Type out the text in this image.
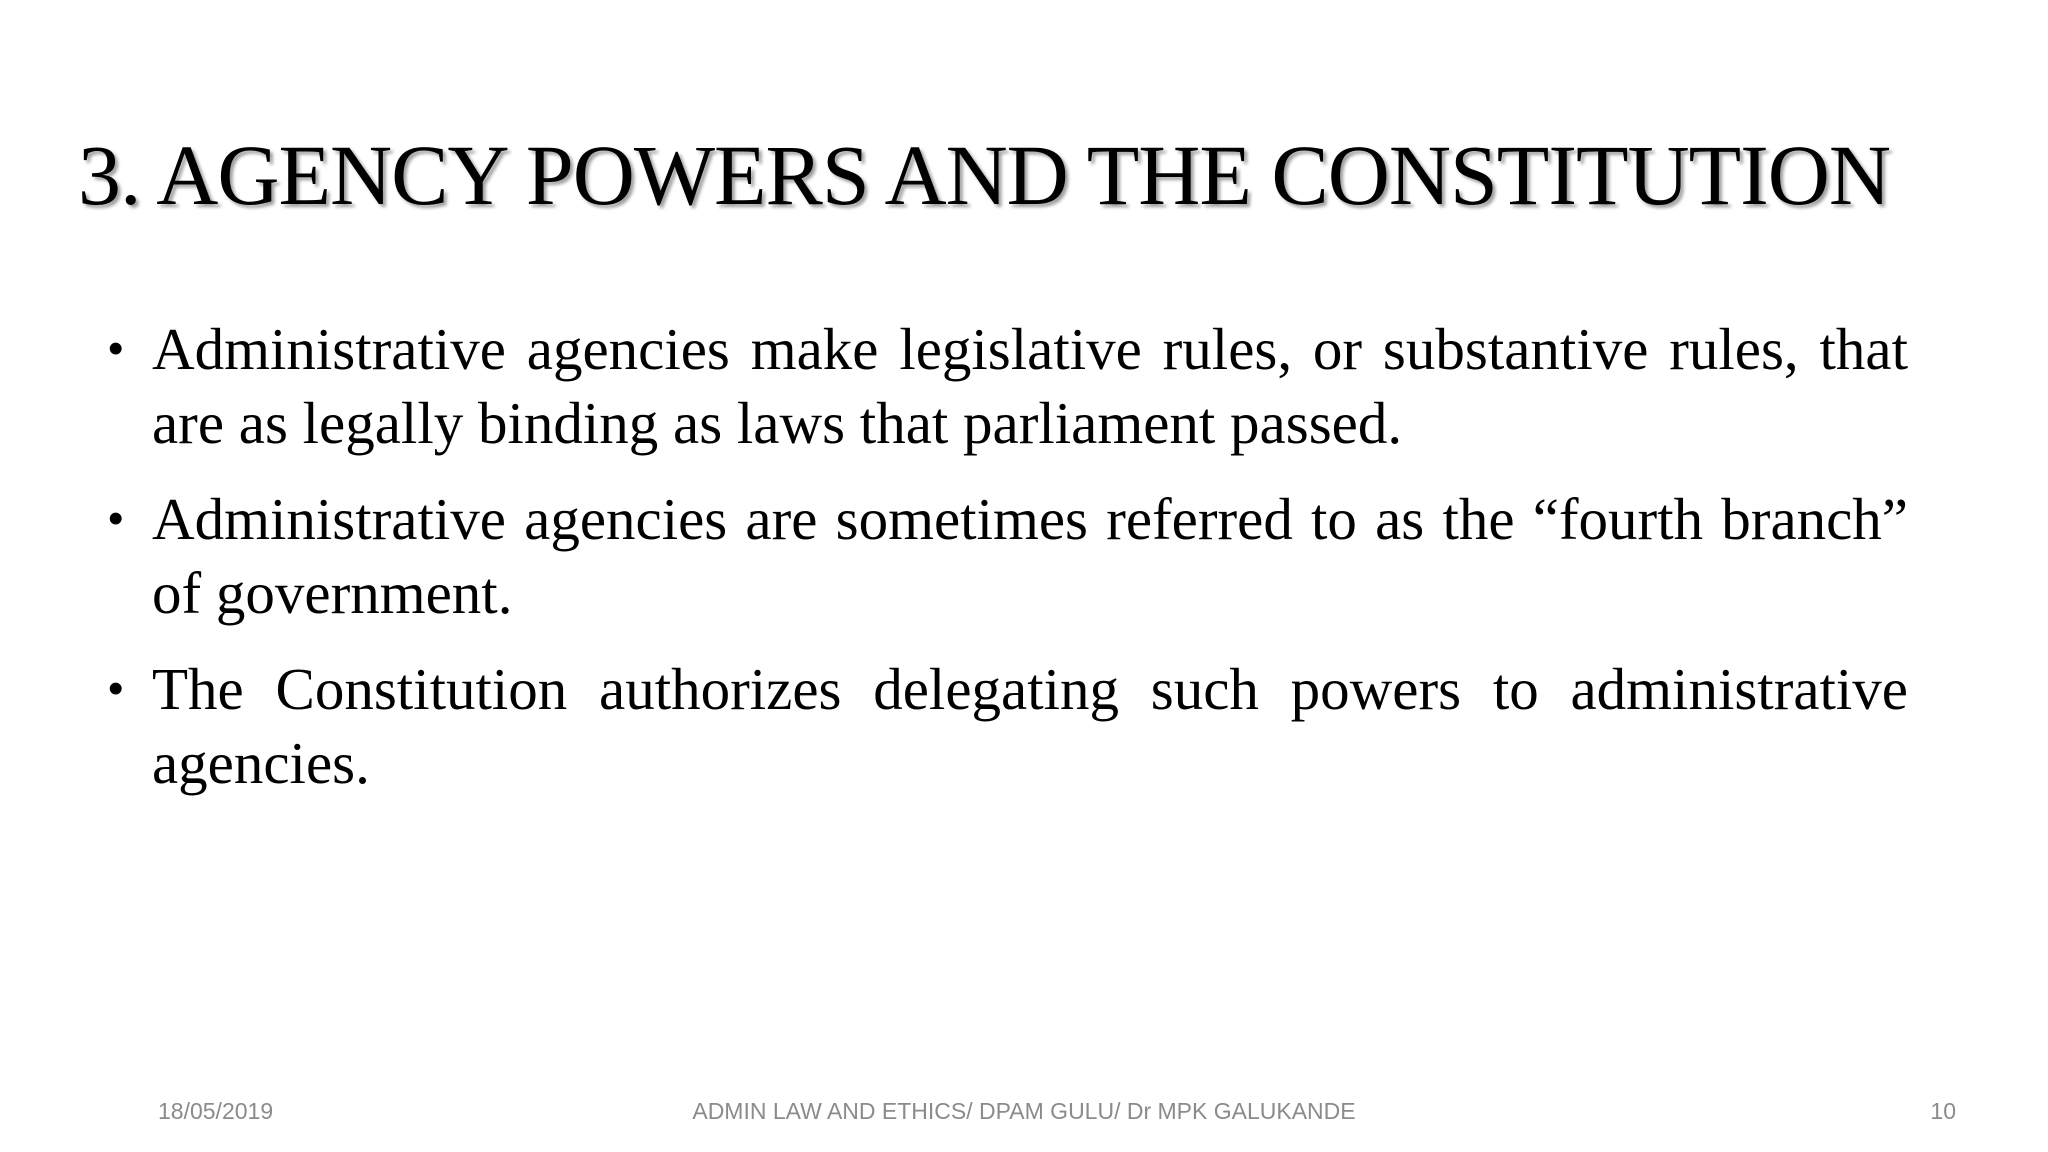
3. AGENCY POWERS AND THE CONSTITUTION
• Administrative agencies make legislative rules, or substantive rules, that are as legally binding as laws that parliament passed.
• Administrative agencies are sometimes referred to as the “fourth branch” of government.
• The Constitution authorizes delegating such powers to administrative agencies.
18/05/2019	ADMIN LAW AND ETHICS/ DPAM GULU/ Dr MPK GALUKANDE	10
